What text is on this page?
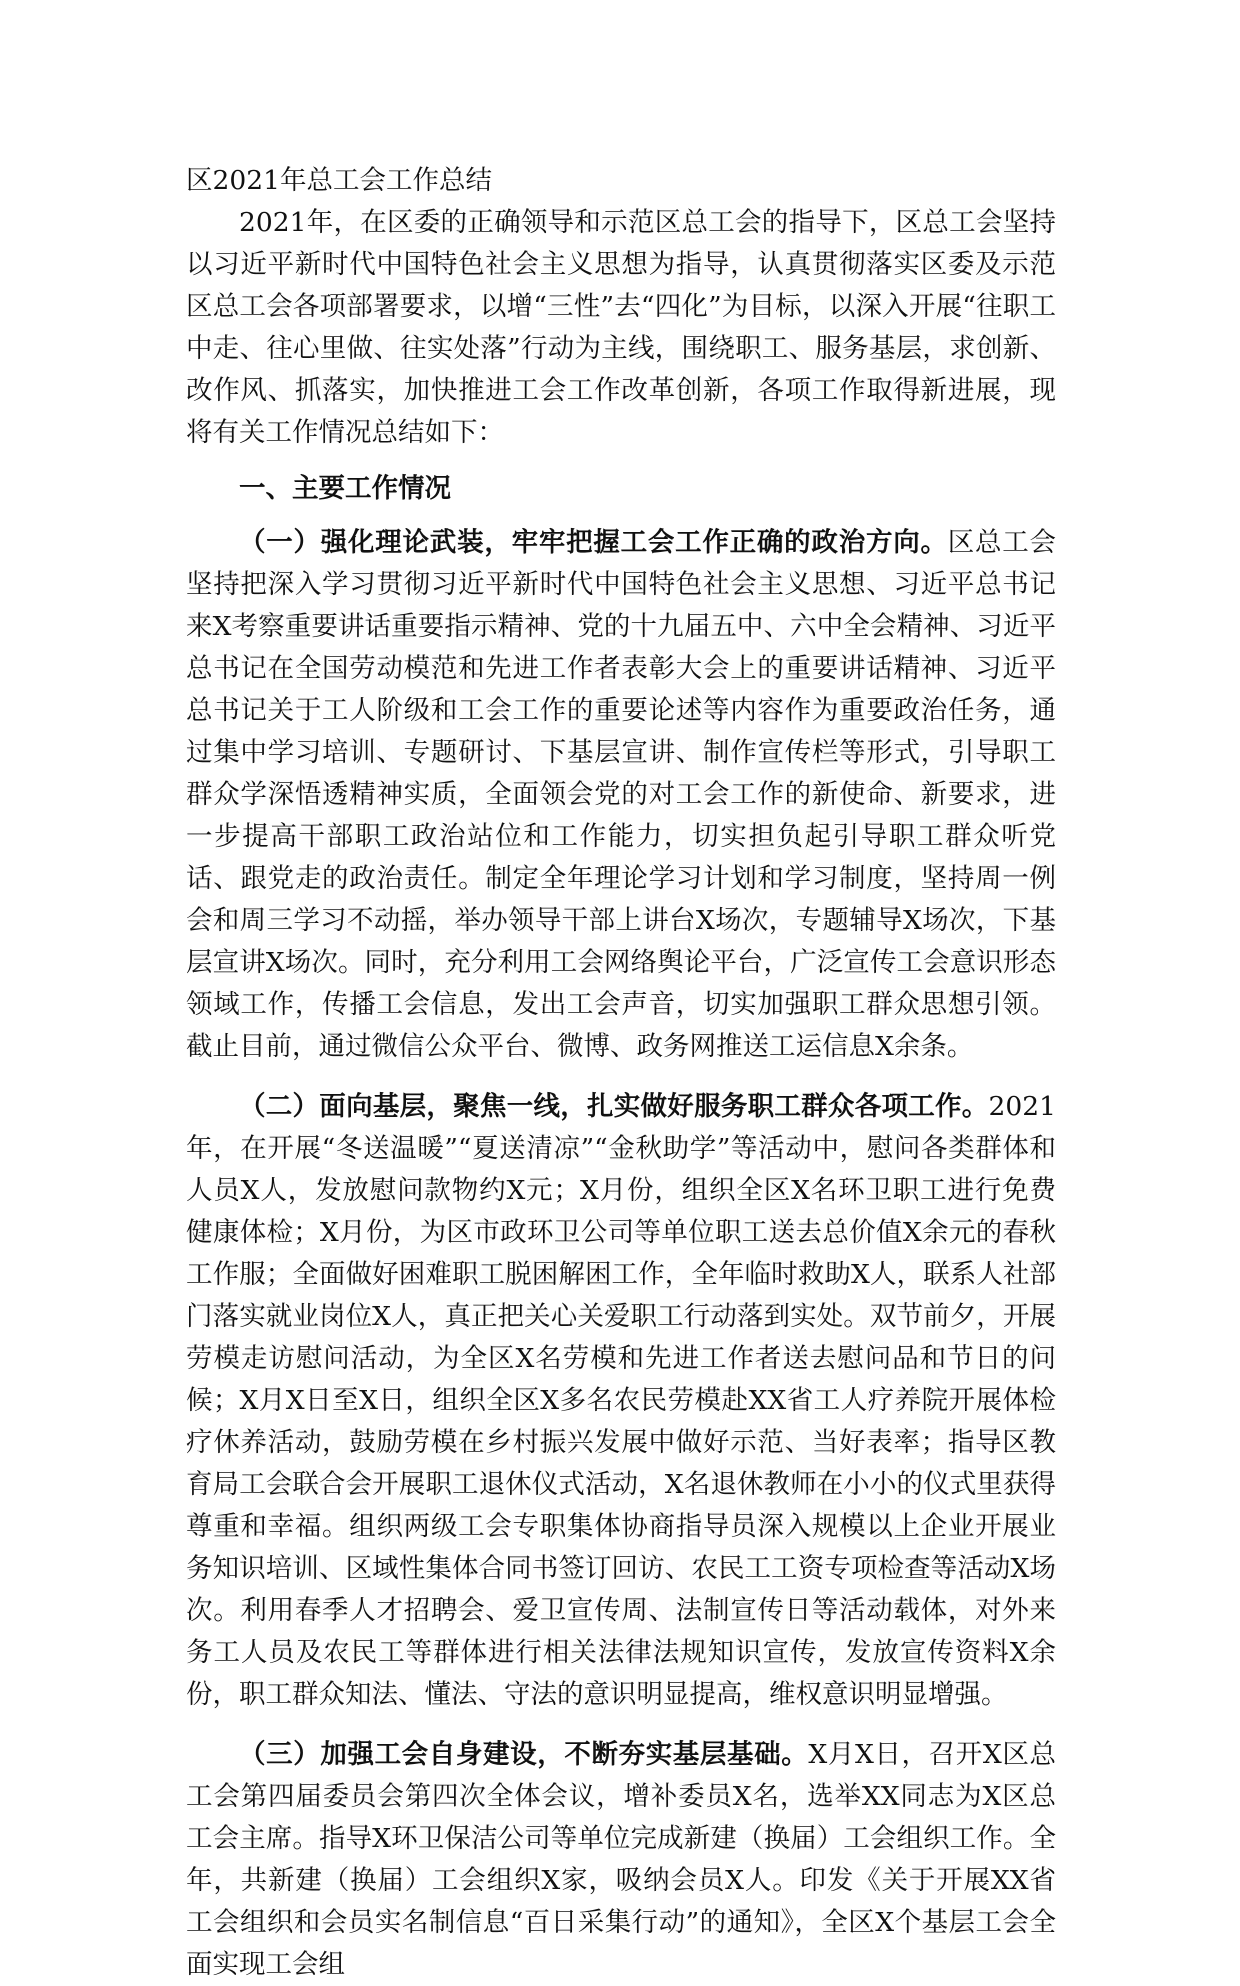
区2021年总工会工作总结

2021年，在区委的正确领导和示范区总工会的指导下，区总工会坚持以习近平新时代中国特色社会主义思想为指导，认真贯彻落实区委及示范区总工会各项部署要求，以增“三性”去“四化”为目标，以深入开展“往职工中走、往心里做、往实处落”行动为主线，围绕职工、服务基层，求创新、改作风、抓落实，加快推进工会工作改革创新，各项工作取得新进展，现将有关工作情况总结如下：

一、主要工作情况

（一）强化理论武装，牢牢把握工会工作正确的政治方向。区总工会坚持把深入学习贯彻习近平新时代中国特色社会主义思想、习近平总书记来X考察重要讲话重要指示精神、党的十九届五中、六中全会精神、习近平总书记在全国劳动模范和先进工作者表彰大会上的重要讲话精神、习近平总书记关于工人阶级和工会工作的重要论述等内容作为重要政治任务，通过集中学习培训、专题研讨、下基层宣讲、制作宣传栏等形式，引导职工群众学深悟透精神实质，全面领会党的对工会工作的新使命、新要求，进一步提高干部职工政治站位和工作能力，切实担负起引导职工群众听党话、跟党走的政治责任。制定全年理论学习计划和学习制度，坚持周一例会和周三学习不动摇，举办领导干部上讲台X场次，专题辅导X场次，下基层宣讲X场次。同时，充分利用工会网络舆论平台，广泛宣传工会意识形态领域工作，传播工会信息，发出工会声音，切实加强职工群众思想引领。截止目前，通过微信公众平台、微博、政务网推送工运信息X余条。

（二）面向基层，聚焦一线，扎实做好服务职工群众各项工作。2021年，在开展“冬送温暖”“夏送清凉”“金秋助学”等活动中，慰问各类群体和人员X人，发放慰问款物约X元；X月份，组织全区X名环卫职工进行免费健康体检；X月份，为区市政环卫公司等单位职工送去总价值X余元的春秋工作服；全面做好困难职工脱困解困工作，全年临时救助X人，联系人社部门落实就业岗位X人，真正把关心关爱职工行动落到实处。双节前夕，开展劳模走访慰问活动，为全区X名劳模和先进工作者送去慰问品和节日的问候；X月X日至X日，组织全区X多名农民劳模赴XX省工人疗养院开展体检疗休养活动，鼓励劳模在乡村振兴发展中做好示范、当好表率；指导区教育局工会联合会开展职工退休仪式活动，X名退休教师在小小的仪式里获得尊重和幸福。组织两级工会专职集体协商指导员深入规模以上企业开展业务知识培训、区域性集体合同书签订回访、农民工工资专项检查等活动X场次。利用春季人才招聘会、爱卫宣传周、法制宣传日等活动载体，对外来务工人员及农民工等群体进行相关法律法规知识宣传，发放宣传资料X余份，职工群众知法、懂法、守法的意识明显提高，维权意识明显增强。

（三）加强工会自身建设，不断夯实基层基础。X月X日，召开X区总工会第四届委员会第四次全体会议，增补委员X名，选举XX同志为X区总工会主席。指导X环卫保洁公司等单位完成新建（换届）工会组织工作。全年，共新建（换届）工会组织X家，吸纳会员X人。印发《关于开展XX省工会组织和会员实名制信息“百日采集行动”的通知》，全区X个基层工会全面实现工会组
